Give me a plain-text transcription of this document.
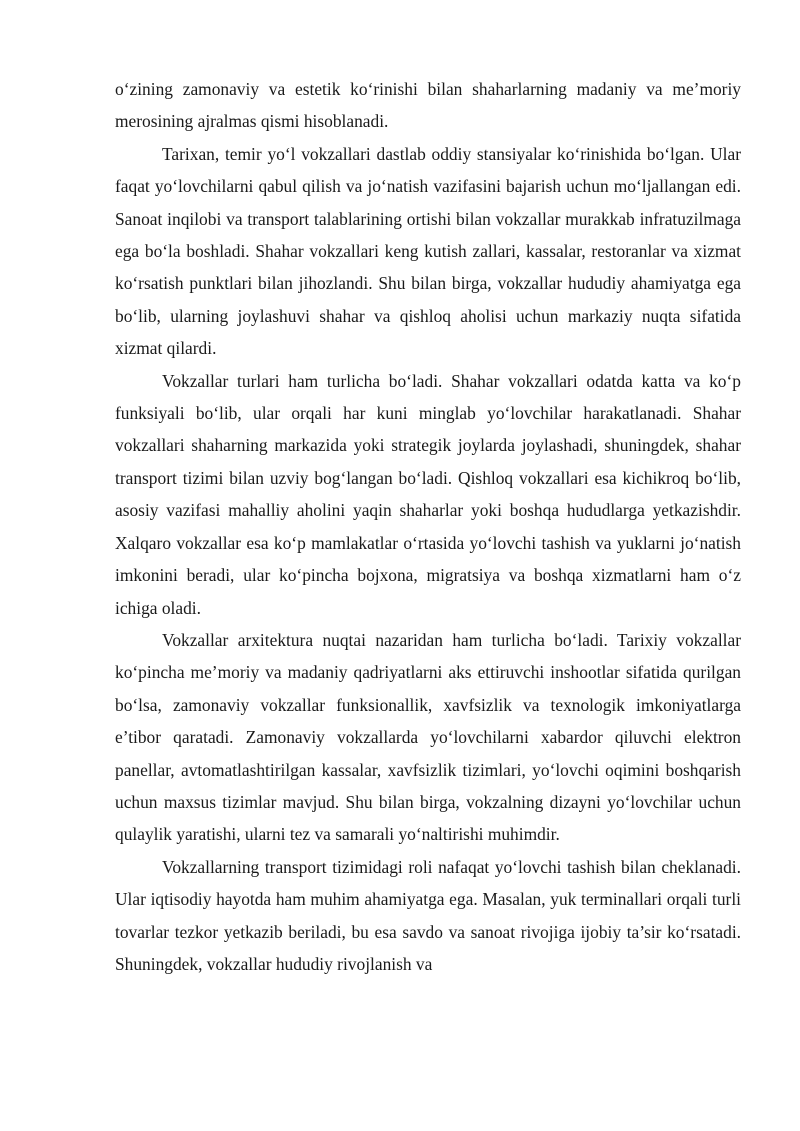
o‘zining zamonaviy va estetik ko‘rinishi bilan shaharlarning madaniy va me’moriy merosining ajralmas qismi hisoblanadi.

Tarixan, temir yo‘l vokzallari dastlab oddiy stansiyalar ko‘rinishida bo‘lgan. Ular faqat yo‘lovchilarni qabul qilish va jo‘natish vazifasini bajarish uchun mo‘ljallangan edi. Sanoat inqilobi va transport talablarining ortishi bilan vokzallar murakkab infratuzilmaga ega bo‘la boshladi. Shahar vokzallari keng kutish zallari, kassalar, restoranlar va xizmat ko‘rsatish punktlari bilan jihozlandi. Shu bilan birga, vokzallar hududiy ahamiyatga ega bo‘lib, ularning joylashuvi shahar va qishloq aholisi uchun markaziy nuqta sifatida xizmat qilardi.

Vokzallar turlari ham turlicha bo‘ladi. Shahar vokzallari odatda katta va ko‘p funksiyali bo‘lib, ular orqali har kuni minglab yo‘lovchilar harakatlanadi. Shahar vokzallari shaharning markazida yoki strategik joylarda joylashadi, shuningdek, shahar transport tizimi bilan uzviy bog‘langan bo‘ladi. Qishloq vokzallari esa kichikroq bo‘lib, asosiy vazifasi mahalliy aholini yaqin shaharlar yoki boshqa hududlarga yetkazishdir. Xalqaro vokzallar esa ko‘p mamlakatlar o‘rtasida yo‘lovchi tashish va yuklarni jo‘natish imkonini beradi, ular ko‘pincha bojxona, migratsiya va boshqa xizmatlarni ham o‘z ichiga oladi.

Vokzallar arxitektura nuqtai nazaridan ham turlicha bo‘ladi. Tarixiy vokzallar ko‘pincha me’moriy va madaniy qadriyatlarni aks ettiruvchi inshootlar sifatida qurilgan bo‘lsa, zamonaviy vokzallar funksionallik, xavfsizlik va texnologik imkoniyatlarga e’tibor qaratadi. Zamonaviy vokzallarda yo‘lovchilarni xabardor qiluvchi elektron panellar, avtomatlashtirilgan kassalar, xavfsizlik tizimlari, yo‘lovchi oqimini boshqarish uchun maxsus tizimlar mavjud. Shu bilan birga, vokzalning dizayni yo‘lovchilar uchun qulaylik yaratishi, ularni tez va samarali yo‘naltirishi muhimdir.

Vokzallarning transport tizimidagi roli nafaqat yo‘lovchi tashish bilan cheklanadi. Ular iqtisodiy hayotda ham muhim ahamiyatga ega. Masalan, yuk terminallari orqali turli tovarlar tezkor yetkazib beriladi, bu esa savdo va sanoat rivojiga ijobiy ta’sir ko‘rsatadi. Shuningdek, vokzallar hududiy rivojlanish va
